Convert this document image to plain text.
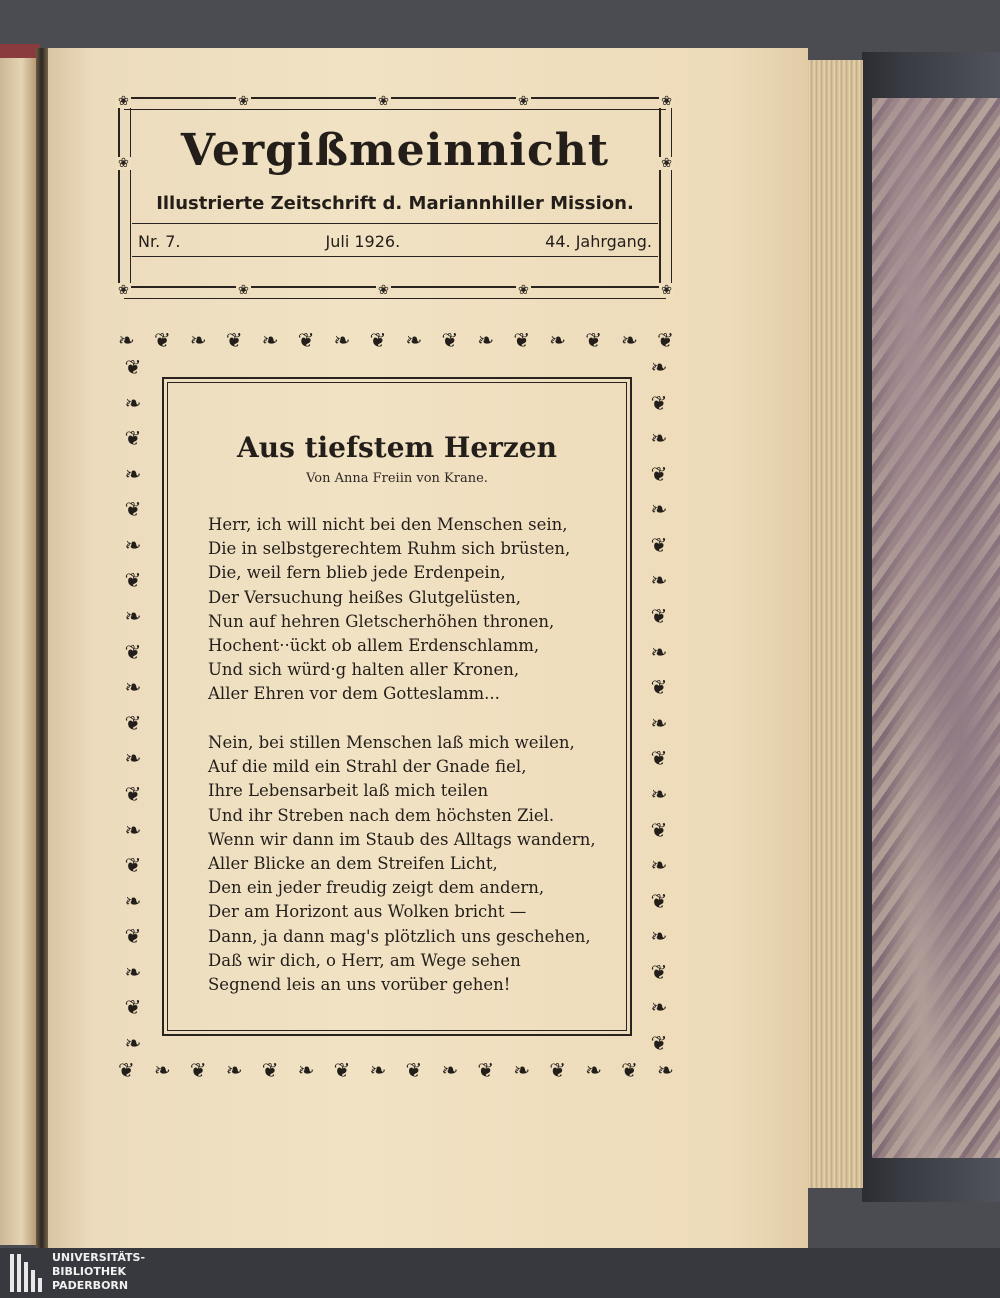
❀	❀	❀	❀	❀
❀	❀	❀	❀	❀
❀	❀
Vergißmeinnicht
Illustrierte Zeitschrift d. Mariannhiller Mission.
Nr. 7.	Juli 1926.	44. Jahrgang.
❧ ❦ ❧ ❦ ❧ ❦ ❧ ❦ ❧ ❦ ❧ ❦ ❧ ❦ ❧ ❦
❦ ❧ ❦ ❧ ❦ ❧ ❦ ❧ ❦ ❧ ❦ ❧ ❦ ❧ ❦ ❧
❦
❧
❦
❧
❦
❧
❦
❧
❦
❧
❦
❧
❦
❧
❦
❧
❦
❧
❦
❧
❧
❦
❧
❦
❧
❦
❧
❦
❧
❦
❧
❦
❧
❦
❧
❦
❧
❦
❧
❦
Aus tiefstem Herzen
Von Anna Freiin von Krane.
Herr, ich will nicht bei den Menschen sein,
Die in selbstgerechtem Ruhm sich brüsten,
Die, weil fern blieb jede Erdenpein,
Der Versuchung heißes Glutgelüsten,
Nun auf hehren Gletscherhöhen thronen,
Hochent··ückt ob allem Erdenschlamm,
Und sich würd·g halten aller Kronen,
Aller Ehren vor dem Gotteslamm...
Nein, bei stillen Menschen laß mich weilen,
Auf die mild ein Strahl der Gnade fiel,
Ihre Lebensarbeit laß mich teilen
Und ihr Streben nach dem höchsten Ziel.
Wenn wir dann im Staub des Alltags wandern,
Aller Blicke an dem Streifen Licht,
Den ein jeder freudig zeigt dem andern,
Der am Horizont aus Wolken bricht —
Dann, ja dann mag's plötzlich uns geschehen,
Daß wir dich, o Herr, am Wege sehen
Segnend leis an uns vorüber gehen!
UNIVERSITÄTS-
BIBLIOTHEK
PADERBORN
